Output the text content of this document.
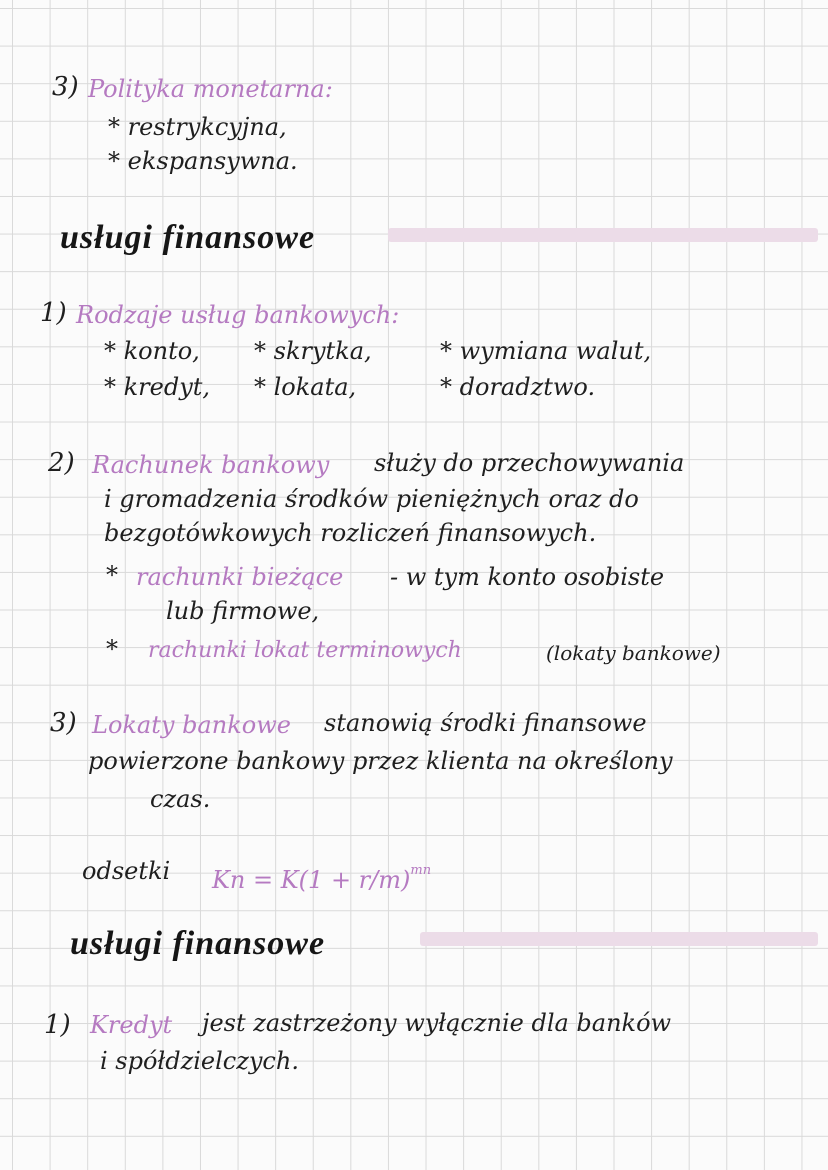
3) Polityka monetarna:
* restrykcyjna,
* ekspansywna.
usługi finansowe
1) Rodzaje usług bankowych:
* konto,
* kredyt,
* skrytka,
* lokata,
* wymiana walut,
* doradztwo.
2) Rachunek bankowy służy do przechowywania
i gromadzenia środków pieniężnych oraz do
bezgotówkowych rozliczeń finansowych.
* rachunki bieżące - w tym konto osobiste
lub firmowe,
* rachunki lokat terminowych	(lokaty bankowe)
3) Lokaty bankowe stanowią środki finansowe
powierzone bankowy przez klienta na określony
czas.
odsetki $Kn = K(1 + r/m)^{mn}$
usługi finansowe
1) Kredyt jest zastrzeżony wyłącznie dla banków
i spółdzielczych.
